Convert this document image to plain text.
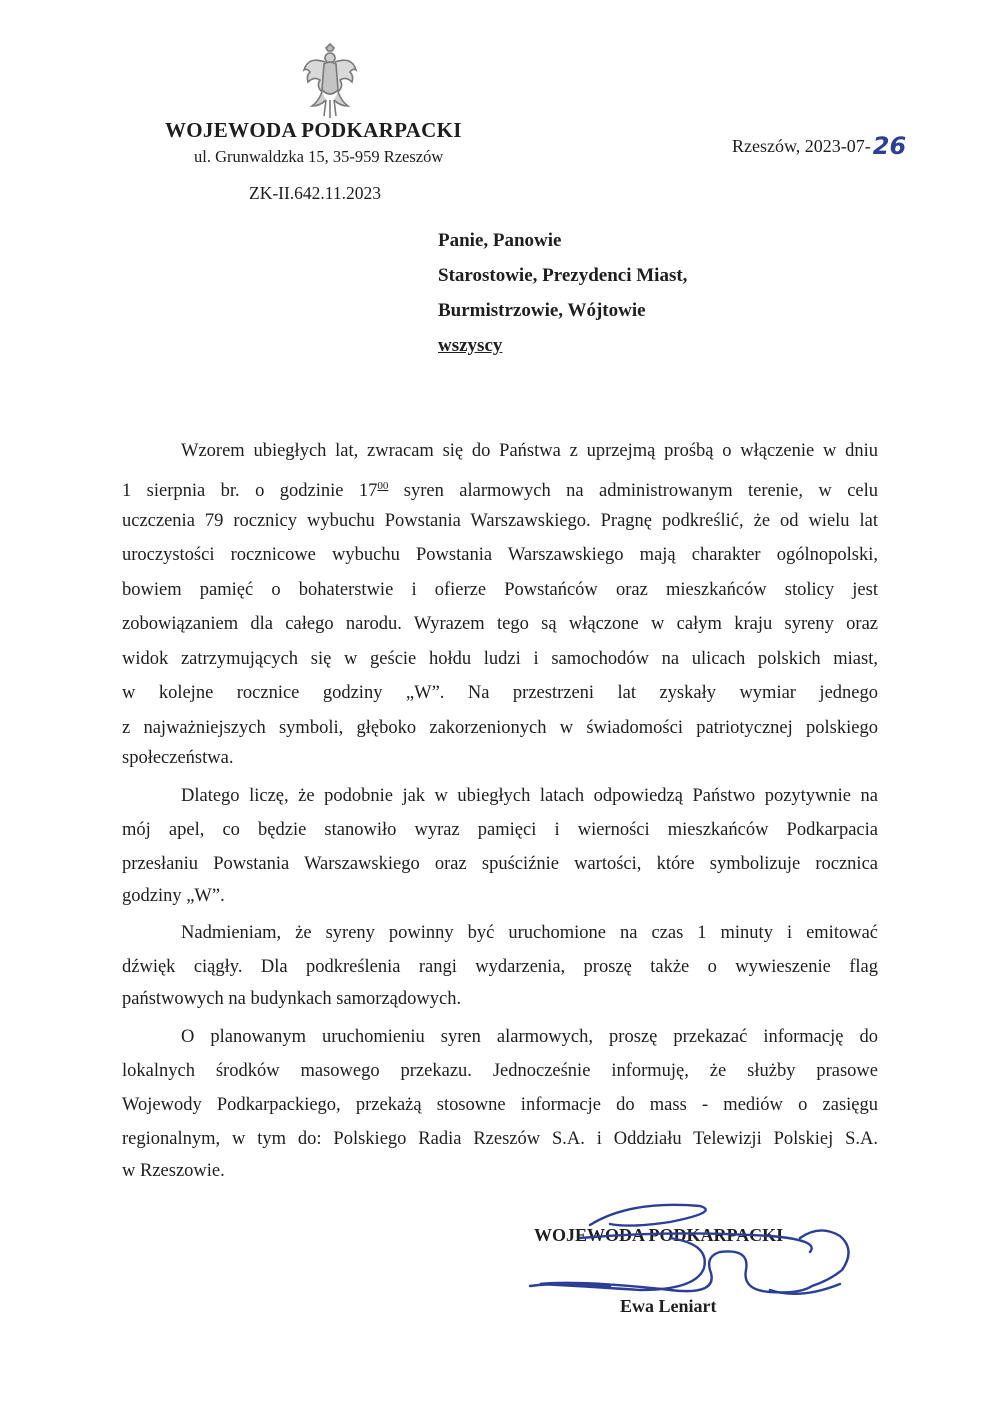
WOJEWODA PODKARPACKI
ul. Grunwaldzka 15, 35-959 Rzeszów
ZK-II.642.11.2023
Rzeszów, 2023-07-26
Panie, Panowie
Starostowie, Prezydenci Miast,
Burmistrzowie, Wójtowie
wszyscy
Wzorem ubiegłych lat, zwracam się do Państwa z uprzejmą prośbą o włączenie w dniu
1 sierpnia br. o godzinie $17^{00}$ syren alarmowych na administrowanym terenie, w celu
uczczenia 79 rocznicy wybuchu Powstania Warszawskiego. Pragnę podkreślić, że od wielu lat
uroczystości rocznicowe wybuchu Powstania Warszawskiego mają charakter ogólnopolski,
bowiem pamięć o bohaterstwie i ofierze Powstańców oraz mieszkańców stolicy jest
zobowiązaniem dla całego narodu. Wyrazem tego są włączone w całym kraju syreny oraz
widok zatrzymujących się w geście hołdu ludzi i samochodów na ulicach polskich miast,
w kolejne rocznice godziny „W”. Na przestrzeni lat zyskały wymiar jednego
z najważniejszych symboli, głęboko zakorzenionych w świadomości patriotycznej polskiego
społeczeństwa.
Dlatego liczę, że podobnie jak w ubiegłych latach odpowiedzą Państwo pozytywnie na
mój apel, co będzie stanowiło wyraz pamięci i wierności mieszkańców Podkarpacia
przesłaniu Powstania Warszawskiego oraz spuściźnie wartości, które symbolizuje rocznica
godziny „W”.
Nadmieniam, że syreny powinny być uruchomione na czas 1 minuty i emitować
dźwięk ciągły. Dla podkreślenia rangi wydarzenia, proszę także o wywieszenie flag
państwowych na budynkach samorządowych.
O planowanym uruchomieniu syren alarmowych, proszę przekazać informację do
lokalnych środków masowego przekazu. Jednocześnie informuję, że służby prasowe
Wojewody Podkarpackiego, przekażą stosowne informacje do mass - mediów o zasięgu
regionalnym, w tym do: Polskiego Radia Rzeszów S.A. i Oddziału Telewizji Polskiej S.A.
w Rzeszowie.
WOJEWODA PODKARPACKI
Ewa Leniart
